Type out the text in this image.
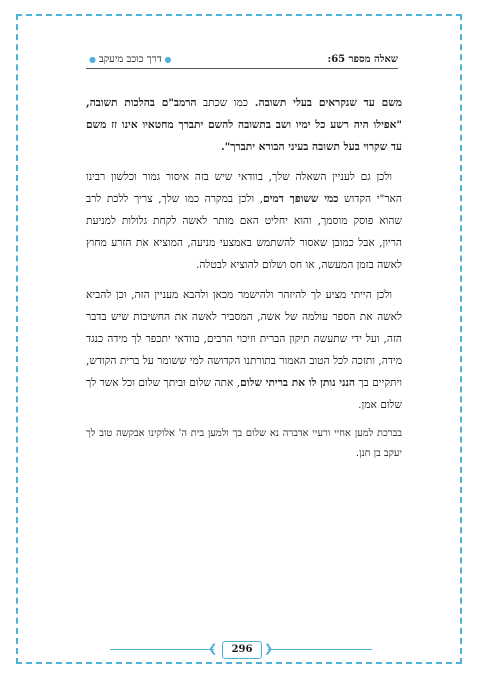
שאלה מספר 65:
●דרך כוכב מיעקב●

משם עד שנקראים בעלי תשובה. כמו שכתב הרמב"ם בהלכות תשובה, "אפילו היה רשע כל ימיו ושב בתשובה להשם יתברך מחטאיו אינו זז משם עד שקרוי בעל תשובה בעיני הבורא יתברך".

ולכן גם לעניין השאלה שלך, בוודאי שיש בזה איסור גמור וכלשון רבינו האר"י הקדוש כמי ששופך דמים, ולכן במקרה כמו שלך, צריך ללכת לרב שהוא פוסק מוסמך, והוא יחליט האם מותר לאשה לקחת גלולות למניעת הריון, אבל כמובן שאסור להשתמש באמצעי מניעה, המוציא את הזרע מחוץ לאשה בזמן המעשה, או חס ושלום להוציא לבטלה.

ולכן הייתי מציע לך להיזהר ולהישמר מכאן ולהבא מעניין הזה, וכן להביא לאשה את הספר עולמה של אשה, המסביר לאשה את החשיבות שיש בדבר הזה, ועל ידי שתעשה תיקון הברית וזיכוי הרבים, בוודאי יתכפר לך מידה כנגד מידה, ותזכה לכל הטוב האמור בתורתנו הקדושה למי ששומר על ברית הקודש, ויתקיים בך הנני נותן לו את בריתי שלום, אתה שלום וביתך שלום וכל אשר לך שלום אמן.

בברכת למען אחיי ורעיי אדברה נא שלום בך ולמען בית ה' אלוקינו אבקשה טוב לך יעקב בן חנן.

❮	❯
296
